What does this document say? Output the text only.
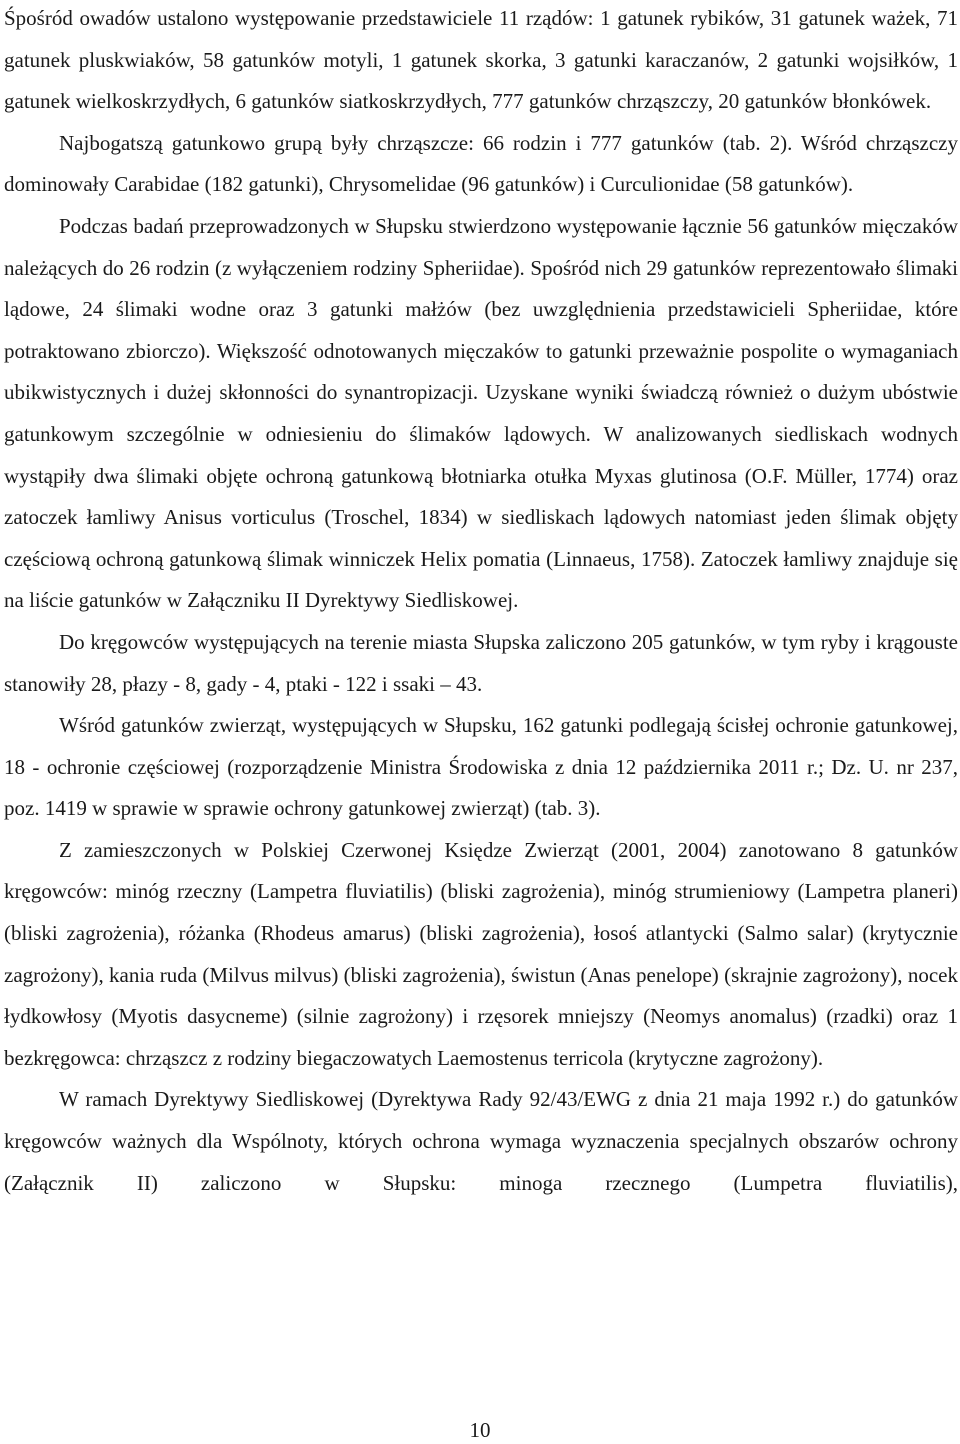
Śpośród owadów ustalono występowanie przedstawiciele 11 rządów: 1 gatunek rybików, 31 gatunek ważek, 71 gatunek pluskwiaków, 58 gatunków motyli, 1 gatunek skorka, 3 gatunki karaczanów, 2 gatunki wojsiłków, 1 gatunek wielkoskrzydłych, 6 gatunków siatkoskrzydłych, 777 gatunków chrząszczy, 20 gatunków błonkówek.

Najbogatszą gatunkowo grupą były chrząszcze: 66 rodzin i 777 gatunków (tab. 2). Wśród chrząszczy dominowały Carabidae (182 gatunki), Chrysomelidae (96 gatunków) i Curculionidae (58 gatunków).

Podczas badań przeprowadzonych w Słupsku stwierdzono występowanie łącznie 56 gatunków mięczaków należących do 26 rodzin (z wyłączeniem rodziny Spheriidae). Spośród nich 29 gatunków reprezentowało ślimaki lądowe, 24 ślimaki wodne oraz 3 gatunki małżów (bez uwzględnienia przedstawicieli Spheriidae, które potraktowano zbiorczo). Większość odnotowanych mięczaków to gatunki przeważnie pospolite o wymaganiach ubikwistycznych i dużej skłonności do synantropizacji. Uzyskane wyniki świadczą również o dużym ubóstwie gatunkowym szczególnie w odniesieniu do ślimaków lądowych. W analizowanych siedliskach wodnych wystąpiły dwa ślimaki objęte ochroną gatunkową błotniarka otułka Myxas glutinosa (O.F. Müller, 1774) oraz zatoczek łamliwy Anisus vorticulus (Troschel, 1834) w siedliskach lądowych natomiast jeden ślimak objęty częściową ochroną gatunkową ślimak winniczek Helix pomatia (Linnaeus, 1758). Zatoczek łamliwy znajduje się na liście gatunków w Załączniku II Dyrektywy Siedliskowej.

Do kręgowców występujących na terenie miasta Słupska zaliczono 205 gatunków, w tym ryby i krągouste stanowiły 28, płazy - 8, gady - 4, ptaki - 122 i ssaki – 43.

Wśród gatunków zwierząt, występujących w Słupsku, 162 gatunki podlegają ścisłej ochronie gatunkowej, 18 - ochronie częściowej (rozporządzenie Ministra Środowiska z dnia 12 października 2011 r.; Dz. U. nr 237, poz. 1419 w sprawie w sprawie ochrony gatunkowej zwierząt) (tab. 3).

Z zamieszczonych w Polskiej Czerwonej Księdze Zwierząt (2001, 2004) zanotowano 8 gatunków kręgowców: minóg rzeczny (Lampetra fluviatilis) (bliski zagrożenia), minóg strumieniowy (Lampetra planeri) (bliski zagrożenia), różanka (Rhodeus amarus) (bliski zagrożenia), łosoś atlantycki (Salmo salar) (krytycznie zagrożony), kania ruda (Milvus milvus) (bliski zagrożenia), świstun (Anas penelope) (skrajnie zagrożony), nocek łydkowłosy (Myotis dasycneme) (silnie zagrożony) i rzęsorek mniejszy (Neomys anomalus) (rzadki) oraz 1 bezkręgowca: chrząszcz z rodziny biegaczowatych Laemostenus terricola (krytyczne zagrożony).

W ramach Dyrektywy Siedliskowej (Dyrektywa Rady 92/43/EWG z dnia 21 maja 1992 r.) do gatunków kręgowców ważnych dla Wspólnoty, których ochrona wymaga wyznaczenia specjalnych obszarów ochrony (Załącznik II) zaliczono w Słupsku: minoga rzecznego (Lumpetra fluviatilis),

10
